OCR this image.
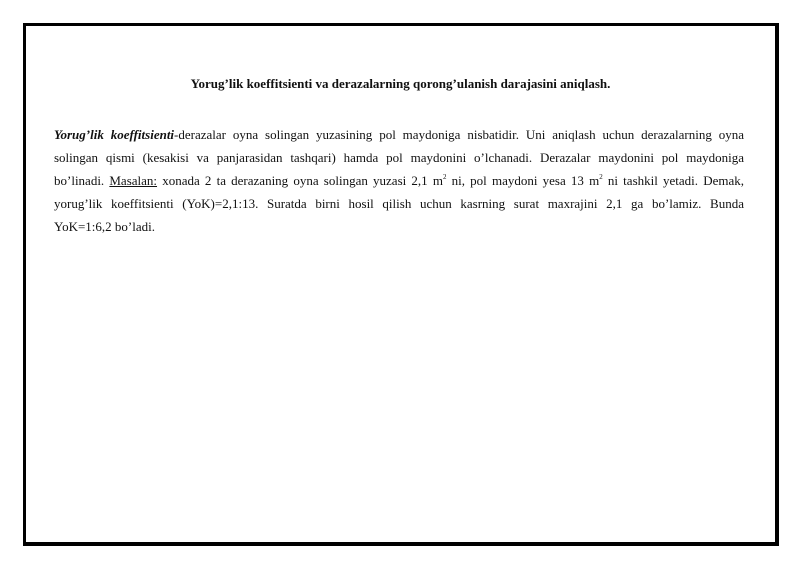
Yorug’lik koeffitsienti va derazalarning qorong’ulanish darajasini aniqlash.
Yorug’lik koeffitsienti-derazalar oyna solingan yuzasining pol maydoniga nisbatidir. Uni aniqlash uchun derazalarning oyna
solingan qismi (kesakisi va panjarasidan tashqari) hamda pol maydonini o’lchanadi. Derazalar maydonini pol maydoniga
bo’linadi. Masalan: xonada 2 ta derazaning oyna solingan yuzasi 2,1 $m^2$ ni, pol maydoni yesa 13 $m^2$ ni tashkil yetadi. Demak,
yorug’lik koeffitsienti (YoK)=2,1:13. Suratda birni hosil qilish uchun kasrning surat maxrajini 2,1 ga bo’lamiz. Bunda
YoK=1:6,2 bo’ladi.
